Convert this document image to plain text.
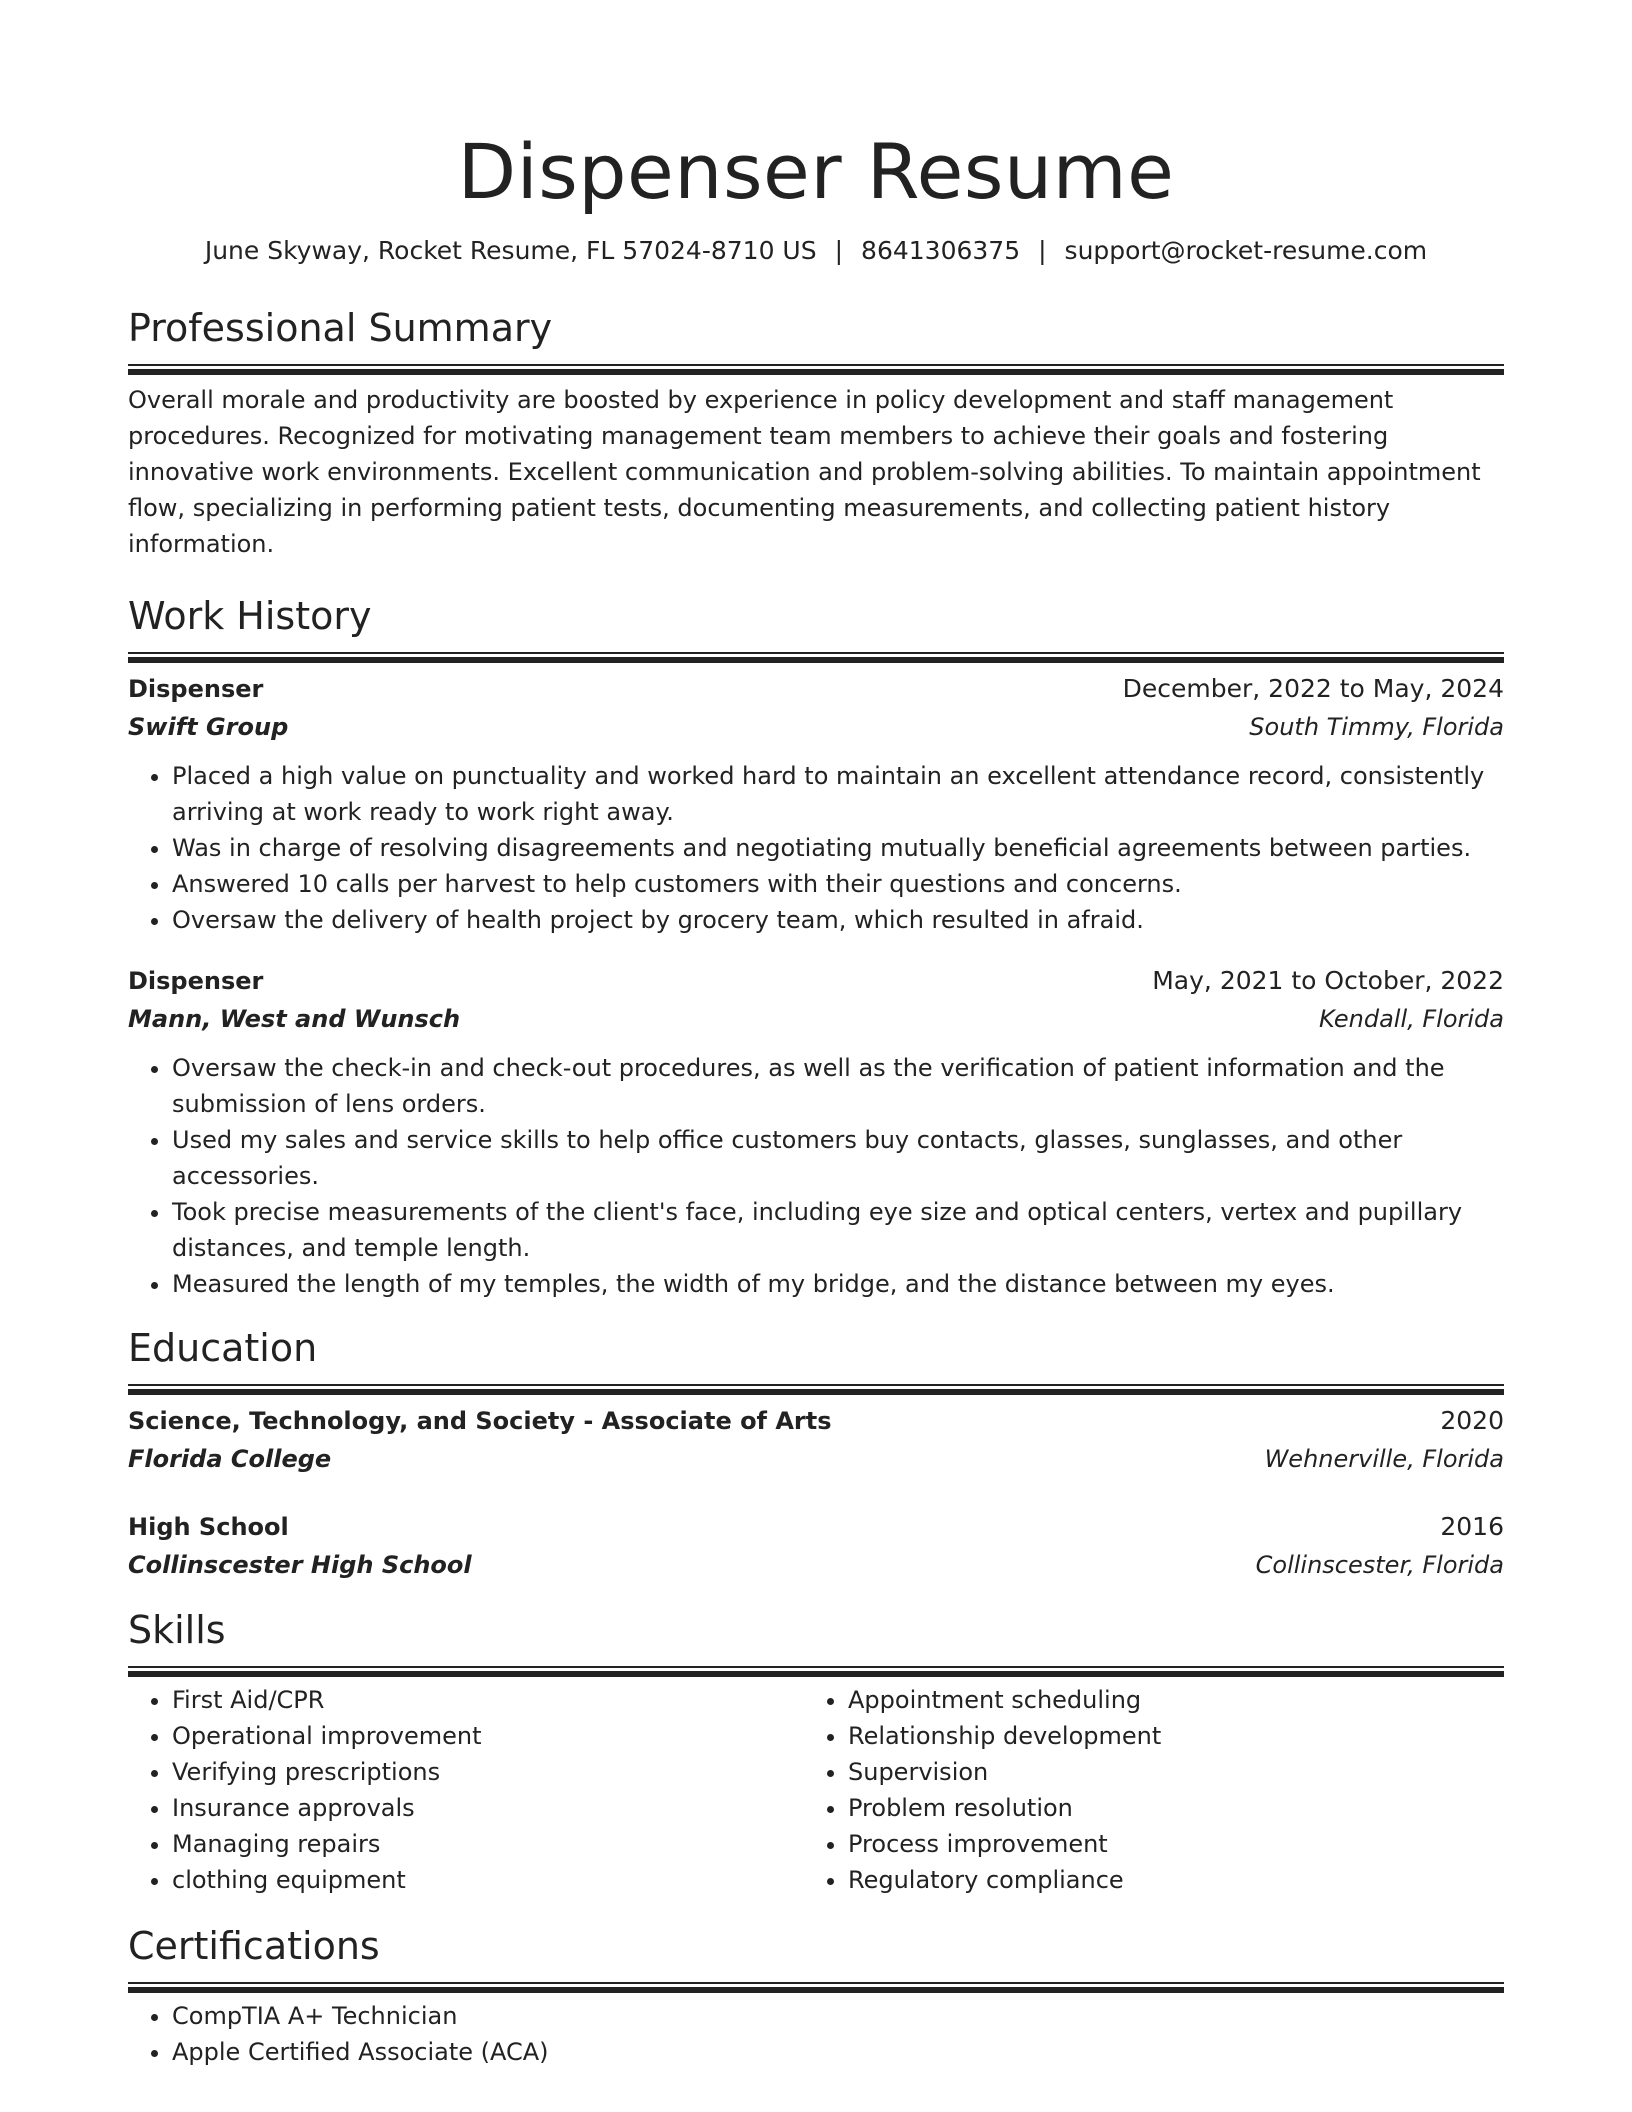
Dispenser Resume
June Skyway, Rocket Resume, FL 57024-8710 US | 8641306375 | support@rocket-resume.com
Professional Summary

Overall morale and productivity are boosted by experience in policy development and staff management procedures. Recognized for motivating management team members to achieve their goals and fostering innovative work environments. Excellent communication and problem-solving abilities. To maintain appointment flow, specializing in performing patient tests, documenting measurements, and collecting patient history information.

Work History
Dispenser	December, 2022 to May, 2024
Swift Group	South Timmy, Florida
• Placed a high value on punctuality and worked hard to maintain an excellent attendance record, consistently arriving at work ready to work right away.
• Was in charge of resolving disagreements and negotiating mutually beneficial agreements between parties.
• Answered 10 calls per harvest to help customers with their questions and concerns.
• Oversaw the delivery of health project by grocery team, which resulted in afraid.
Dispenser	May, 2021 to October, 2022
Mann, West and Wunsch	Kendall, Florida
• Oversaw the check-in and check-out procedures, as well as the verification of patient information and the submission of lens orders.
• Used my sales and service skills to help office customers buy contacts, glasses, sunglasses, and other accessories.
• Took precise measurements of the client's face, including eye size and optical centers, vertex and pupillary distances, and temple length.
• Measured the length of my temples, the width of my bridge, and the distance between my eyes.
Education
Science, Technology, and Society - Associate of Arts	2020
Florida College	Wehnerville, Florida
High School	2016
Collinscester High School	Collinscester, Florida
Skills
• First Aid/CPR
• Operational improvement
• Verifying prescriptions
• Insurance approvals
• Managing repairs
• clothing equipment
• Appointment scheduling
• Relationship development
• Supervision
• Problem resolution
• Process improvement
• Regulatory compliance
Certifications
• CompTIA A+ Technician
• Apple Certified Associate (ACA)
